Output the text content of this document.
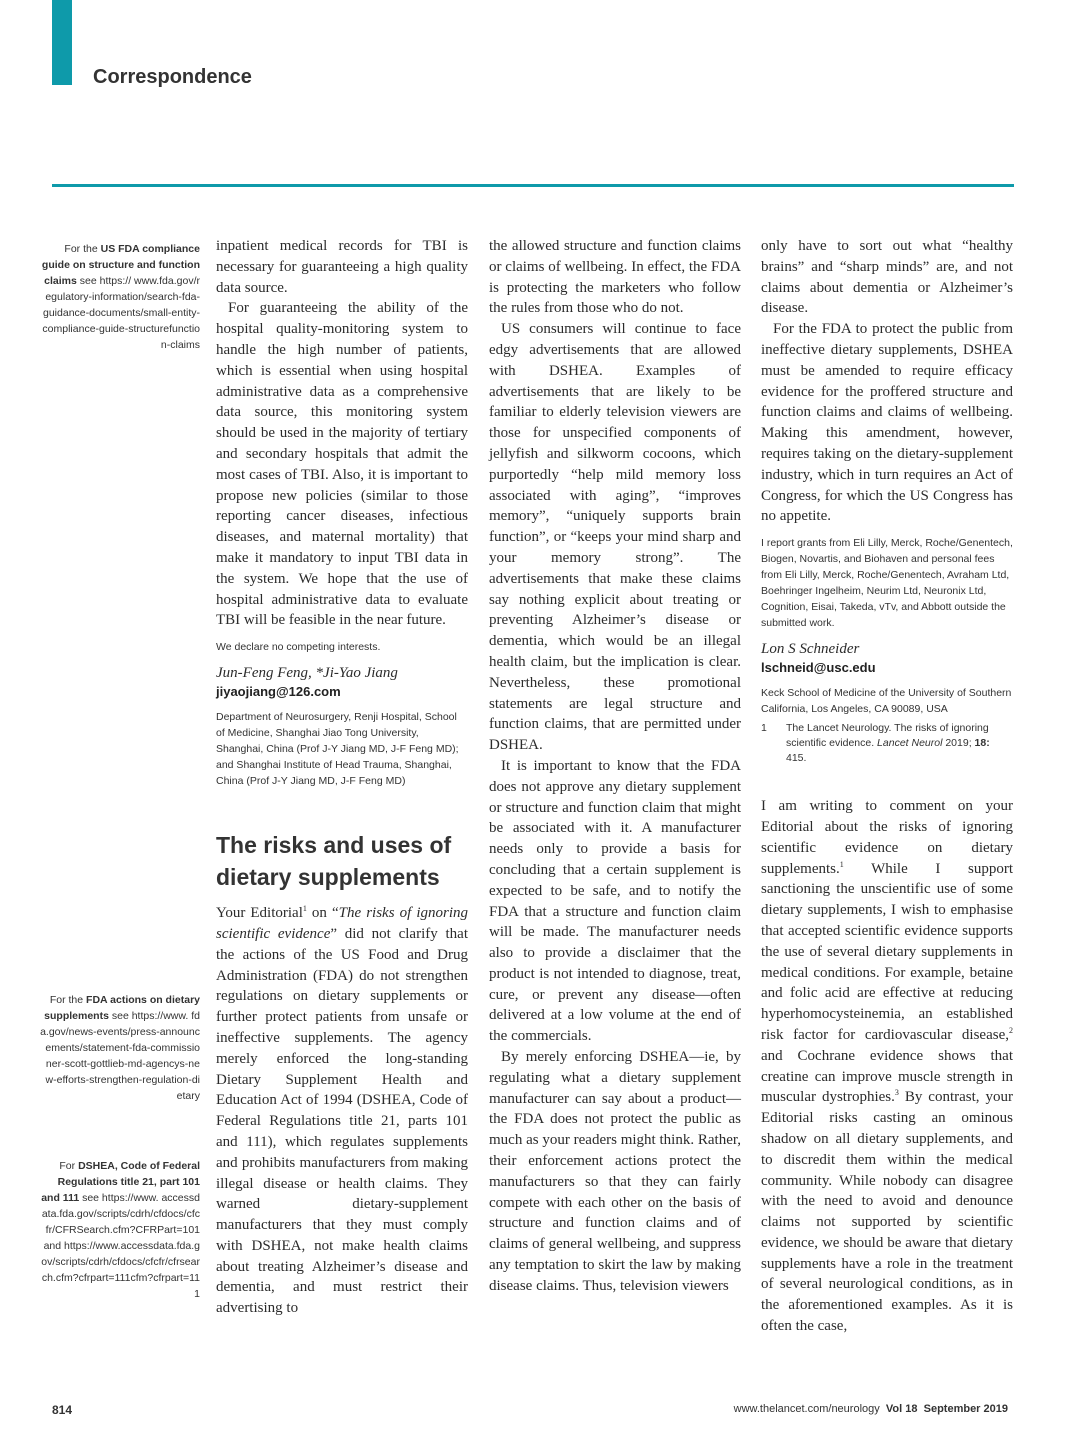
Correspondence
For the US FDA compliance guide on structure and function claims see https:// www.fda.gov/regulatory-information/search-fda-guidance-documents/small-entity-compliance-guide-structurefunction-claims
For the FDA actions on dietary supplements see https://www. fda.gov/news-events/press-announcements/statement-fda-commissioner-scott-gottlieb-md-agencys-new-efforts-strengthen-regulation-dietary
For DSHEA, Code of Federal Regulations title 21, part 101 and 111 see https://www. accessdata.fda.gov/scripts/cdrh/cfdocs/cfcfr/CFRSearch.cfm?CFRPart=101 and https://www.accessdata.fda.gov/scripts/cdrh/cfdocs/cfcfr/cfrsearch.cfm?cfrpart=111cfm?cfrpart=111

inpatient medical records for TBI is necessary for guaranteeing a high quality data source.

For guaranteeing the ability of the hospital quality-monitoring system to handle the high number of patients, which is essential when using hospital administrative data as a comprehensive data source, this monitoring system should be used in the majority of tertiary and secondary hospitals that admit the most cases of TBI. Also, it is important to propose new policies (similar to those reporting cancer diseases, infectious diseases, and maternal mortality) that make it mandatory to input TBI data in the system. We hope that the use of hospital administrative data to evaluate TBI will be feasible in the near future.

We declare no competing interests.

Jun-Feng Feng, *Ji-Yao Jiang

jiyaojiang@126.com

Department of Neurosurgery, Renji Hospital, School of Medicine, Shanghai Jiao Tong University, Shanghai, China (Prof J-Y Jiang MD, J-F Feng MD); and Shanghai Institute of Head Trauma, Shanghai, China (Prof J-Y Jiang MD, J-F Feng MD)

The risks and uses of dietary supplements

Your Editorial$^1$ on “The risks of ignoring scientific evidence” did not clarify that the actions of the US Food and Drug Administration (FDA) do not strengthen regulations on dietary supplements or further protect patients from unsafe or ineffective supplements. The agency merely enforced the long-standing Dietary Supplement Health and Education Act of 1994 (DSHEA, Code of Federal Regulations title 21, parts 101 and 111), which regulates supplements and prohibits manufacturers from making illegal disease or health claims. They warned dietary-supplement manufacturers that they must comply with DSHEA, not make health claims about treating Alzheimer’s disease and dementia, and must restrict their advertising to

the allowed structure and function claims or claims of wellbeing. In effect, the FDA is protecting the marketers who follow the rules from those who do not.

US consumers will continue to face edgy advertisements that are allowed with DSHEA. Examples of advertisements that are likely to be familiar to elderly television viewers are those for unspecified components of jellyfish and silkworm cocoons, which purportedly “help mild memory loss associated with aging”, “improves memory”, “uniquely supports brain function”, or “keeps your mind sharp and your memory strong”. The advertisements that make these claims say nothing explicit about treating or preventing Alzheimer’s disease or dementia, which would be an illegal health claim, but the implication is clear. Nevertheless, these promotional statements are legal structure and function claims, that are permitted under DSHEA.

It is important to know that the FDA does not approve any dietary supplement or structure and function claim that might be associated with it. A manufacturer needs only to provide a basis for concluding that a certain supplement is expected to be safe, and to notify the FDA that a structure and function claim will be made. The manufacturer needs also to provide a disclaimer that the product is not intended to diagnose, treat, cure, or prevent any disease—often delivered at a low volume at the end of the commercials.

By merely enforcing DSHEA—ie, by regulating what a dietary supplement manufacturer can say about a product—the FDA does not protect the public as much as your readers might think. Rather, their enforcement actions protect the manufacturers so that they can fairly compete with each other on the basis of structure and function claims and of claims of general wellbeing, and suppress any temptation to skirt the law by making disease claims. Thus, television viewers

only have to sort out what “healthy brains” and “sharp minds” are, and not claims about dementia or Alzheimer’s disease.

For the FDA to protect the public from ineffective dietary supplements, DSHEA must be amended to require efficacy evidence for the proffered structure and function claims and claims of wellbeing. Making this amendment, however, requires taking on the dietary-supplement industry, which in turn requires an Act of Congress, for which the US Congress has no appetite.

I report grants from Eli Lilly, Merck, Roche/Genentech, Biogen, Novartis, and Biohaven and personal fees from Eli Lilly, Merck, Roche/Genentech, Avraham Ltd, Boehringer Ingelheim, Neurim Ltd, Neuronix Ltd, Cognition, Eisai, Takeda, vTv, and Abbott outside the submitted work.

Lon S Schneider

lschneid@usc.edu

Keck School of Medicine of the University of Southern California, Los Angeles, CA 90089, USA

1	The Lancet Neurology. The risks of ignoring scientific evidence. Lancet Neurol 2019; 18: 415.

I am writing to comment on your Editorial about the risks of ignoring scientific evidence on dietary supplements.$^1$ While I support sanctioning the unscientific use of some dietary supplements, I wish to emphasise that accepted scientific evidence supports the use of several dietary supplements in medical conditions. For example, betaine and folic acid are effective at reducing hyperhomocysteinemia, an established risk factor for cardiovascular disease,$^2$ and Cochrane evidence shows that creatine can improve muscle strength in muscular dystrophies.$^3$ By contrast, your Editorial risks casting an ominous shadow on all dietary supplements, and to discredit them within the medical community. While nobody can disagree with the need to avoid and denounce claims not supported by scientific evidence, we should be aware that dietary supplements have a role in the treatment of several neurological conditions, as in the aforementioned examples. As it is often the case,

814	www.thelancet.com/neurology Vol 18 September 2019
